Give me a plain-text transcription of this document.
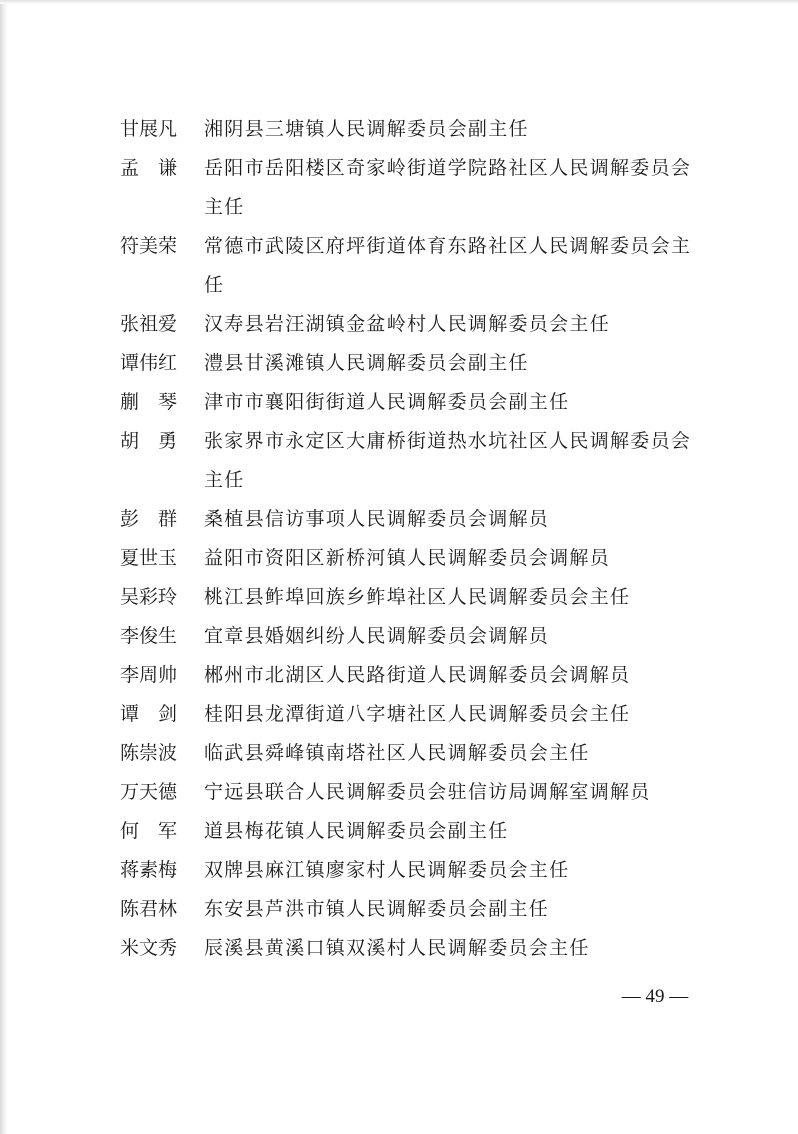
甘展凡	湘阴县三塘镇人民调解委员会副主任
孟　谦	岳阳市岳阳楼区奇家岭街道学院路社区人民调解委员会主任
符美荣	常德市武陵区府坪街道体育东路社区人民调解委员会主任
张祖爱	汉寿县岩汪湖镇金盆岭村人民调解委员会主任
谭伟红	澧县甘溪滩镇人民调解委员会副主任
蒯　琴	津市市襄阳街街道人民调解委员会副主任
胡　勇	张家界市永定区大庸桥街道热水坑社区人民调解委员会主任
彭　群	桑植县信访事项人民调解委员会调解员
夏世玉	益阳市资阳区新桥河镇人民调解委员会调解员
吴彩玲	桃江县鲊埠回族乡鲊埠社区人民调解委员会主任
李俊生	宜章县婚姻纠纷人民调解委员会调解员
李周帅	郴州市北湖区人民路街道人民调解委员会调解员
谭　剑	桂阳县龙潭街道八字塘社区人民调解委员会主任
陈崇波	临武县舜峰镇南塔社区人民调解委员会主任
万天德	宁远县联合人民调解委员会驻信访局调解室调解员
何　军	道县梅花镇人民调解委员会副主任
蒋素梅	双牌县麻江镇廖家村人民调解委员会主任
陈君林	东安县芦洪市镇人民调解委员会副主任
米文秀	辰溪县黄溪口镇双溪村人民调解委员会主任
— 49 —
